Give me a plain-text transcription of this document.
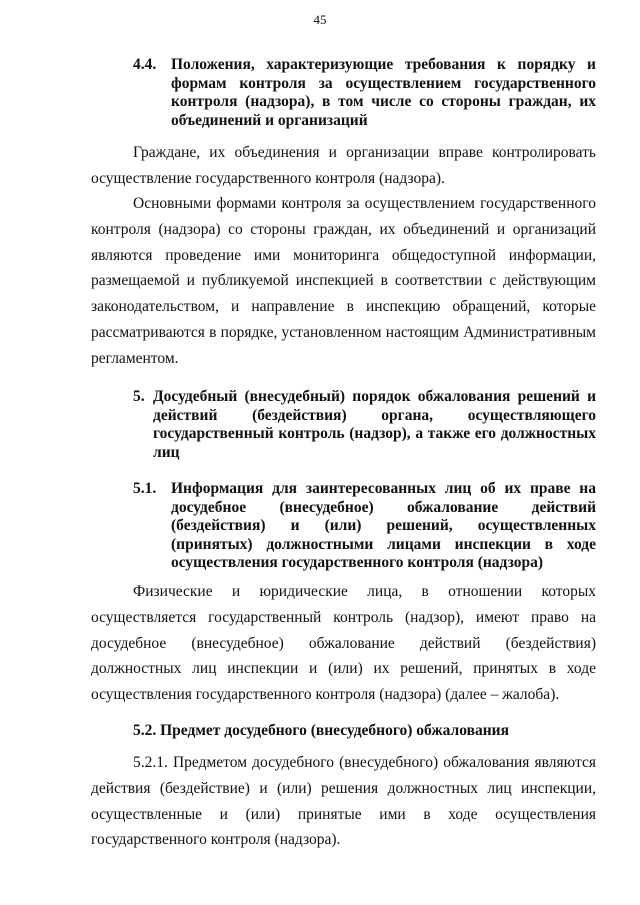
45
4.4. Положения, характеризующие требования к порядку и формам контроля за осуществлением государственного контроля (надзора), в том числе со стороны граждан, их объединений и организаций
Граждане, их объединения и организации вправе контролировать осуществление государственного контроля (надзора).
Основными формами контроля за осуществлением государственного контроля (надзора) со стороны граждан, их объединений и организаций являются проведение ими мониторинга общедоступной информации, размещаемой и публикуемой инспекцией в соответствии с действующим законодательством, и направление в инспекцию обращений, которые рассматриваются в порядке, установленном настоящим Административным регламентом.
5. Досудебный (внесудебный) порядок обжалования решений и действий (бездействия) органа, осуществляющего государственный контроль (надзор), а также его должностных лиц
5.1. Информация для заинтересованных лиц об их праве на досудебное (внесудебное) обжалование действий (бездействия) и (или) решений, осуществленных (принятых) должностными лицами инспекции в ходе осуществления государственного контроля (надзора)
Физические и юридические лица, в отношении которых осуществляется государственный контроль (надзор), имеют право на досудебное (внесудебное) обжалование действий (бездействия) должностных лиц инспекции и (или) их решений, принятых в ходе осуществления государственного контроля (надзора) (далее – жалоба).
5.2. Предмет досудебного (внесудебного) обжалования
5.2.1. Предметом досудебного (внесудебного) обжалования являются действия (бездействие) и (или) решения должностных лиц инспекции, осуществленные и (или) принятые ими в ходе осуществления государственного контроля (надзора).
